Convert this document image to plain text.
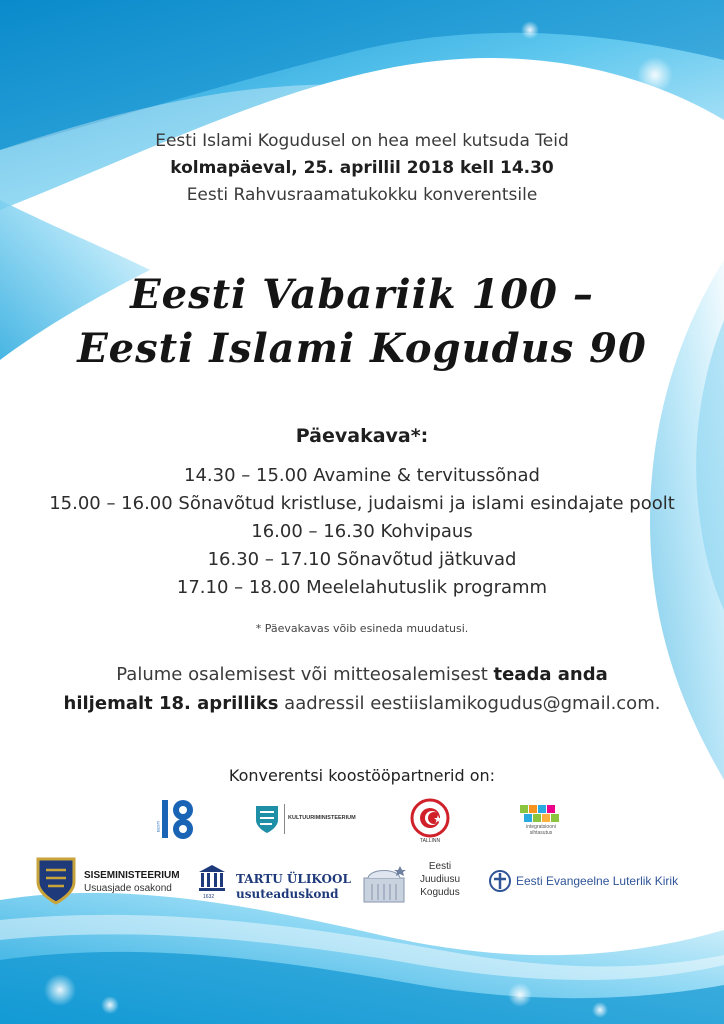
Eesti Islami Kogudusel on hea meel kutsuda Teid
kolmapäeval, 25. aprillil 2018 kell 14.30
Eesti Rahvusraamatukokku konverentsile
Eesti Vabariik 100 –
Eesti Islami Kogudus 90
Päevakava*:
14.30 – 15.00 Avamine & tervitussõnad
15.00 – 16.00 Sõnavõtud kristluse, judaismi ja islami esindajate poolt
16.00 – 16.30 Kohvipaus
16.30 – 17.10 Sõnavõtud jätkuvad
17.10 – 18.00 Meelelahutuslik programm
* Päevakavas võib esineda muudatusi.
Palume osalemisest või mitteosalemisest teada anda
hiljemalt 18. aprilliks aadressil eestiislamikogudus@gmail.com.
Konverentsi koostööpartnerid on:
EESTI
KULTUURIMINISTEERIUM
TALLINN
integratsiooni sihtasutus
SISEMINISTEERIUM
Usuasjade osakond
1632
TARTU ÜLIKOOL
usuteaduskond
Eesti
Juudiusu
Kogudus
Eesti Evangeelne Luterlik Kirik
